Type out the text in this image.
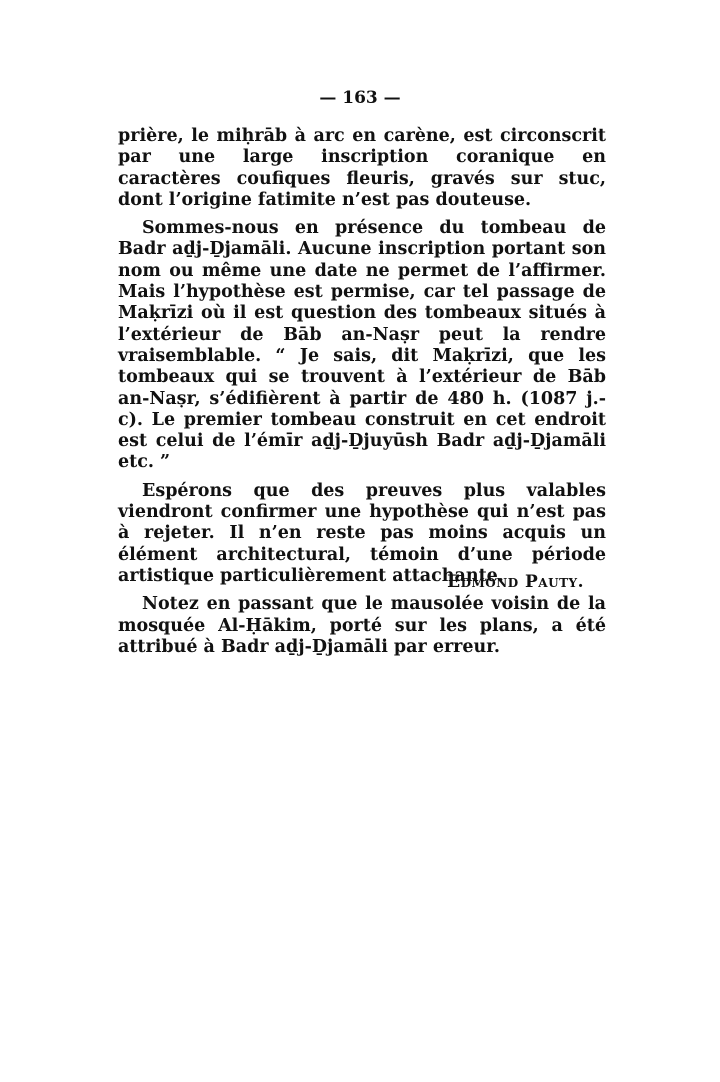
— 163 —

prière, le miḥrāb à arc en carène, est circonscrit par une large inscription coranique en caractères coufiques fleuris, gravés sur stuc, dont l’origine fatimite n’est pas douteuse.

Sommes-nous en présence du tombeau de Badr aḏj-Ḏjamāli. Aucune inscription portant son nom ou même une date ne permet de l’affirmer. Mais l’hypothèse est permise, car tel passage de Maḳrīzi où il est question des tombeaux situés à l’extérieur de Bāb an-Naṣr peut la rendre vraisemblable. “ Je sais, dit Maḳrīzi, que les tombeaux qui se trouvent à l’extérieur de Bāb an-Naṣr, s’édifièrent à partir de 480 h. (1087 j.-c). Le premier tombeau construit en cet endroit est celui de l’émīr aḏj-Ḏjuyūsh Badr aḏj-Ḏjamāli etc. ”

Espérons que des preuves plus valables viendront confirmer une hypothèse qui n’est pas à rejeter. Il n’en reste pas moins acquis un élément architectural, témoin d’une période artistique particulièrement attachante.

Notez en passant que le mausolée voisin de la mosquée Al-Ḥākim, porté sur les plans, a été attribué à Badr aḏj-Ḏjamāli par erreur.

Edmond Pauty.
